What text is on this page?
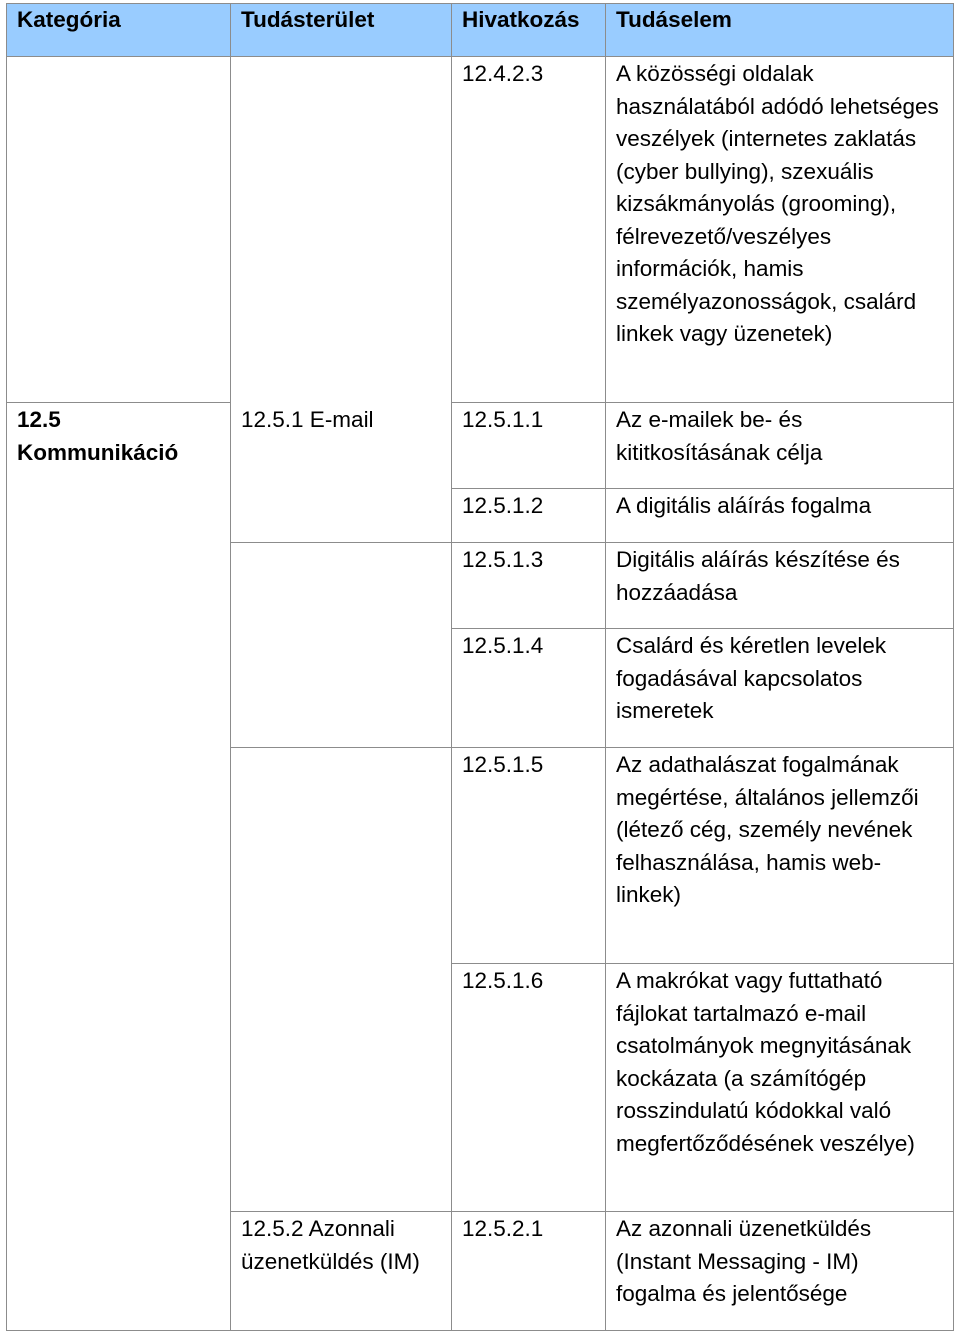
Kategória	Tudásterület	Hivatkozás	Tudáselem
		12.4.2.3	A közösségi oldalak használatából adódó lehetséges veszélyek (internetes zaklatás (cyber bullying), szexuális kizsákmányolás (grooming), félrevezető/veszélyes információk, hamis személyazonosságok, csalárd linkek vagy üzenetek)
12.5 Kommunikáció	12.5.1 E-mail	12.5.1.1	Az e-mailek be- és kititkosításának célja
		12.5.1.2	A digitális aláírás fogalma
		12.5.1.3	Digitális aláírás készítése és hozzáadása
		12.5.1.4	Csalárd és kéretlen levelek fogadásával kapcsolatos ismeretek
		12.5.1.5	Az adathalászat fogalmának megértése, általános jellemzői (létező cég, személy nevének felhasználása, hamis web-linkek)
		12.5.1.6	A makrókat vagy futtatható fájlokat tartalmazó e-mail csatolmányok megnyitásának kockázata (a számítógép rosszindulatú kódokkal való megfertőződésének veszélye)
	12.5.2 Azonnali üzenetküldés (IM)	12.5.2.1	Az azonnali üzenetküldés (Instant Messaging - IM) fogalma és jelentősége
